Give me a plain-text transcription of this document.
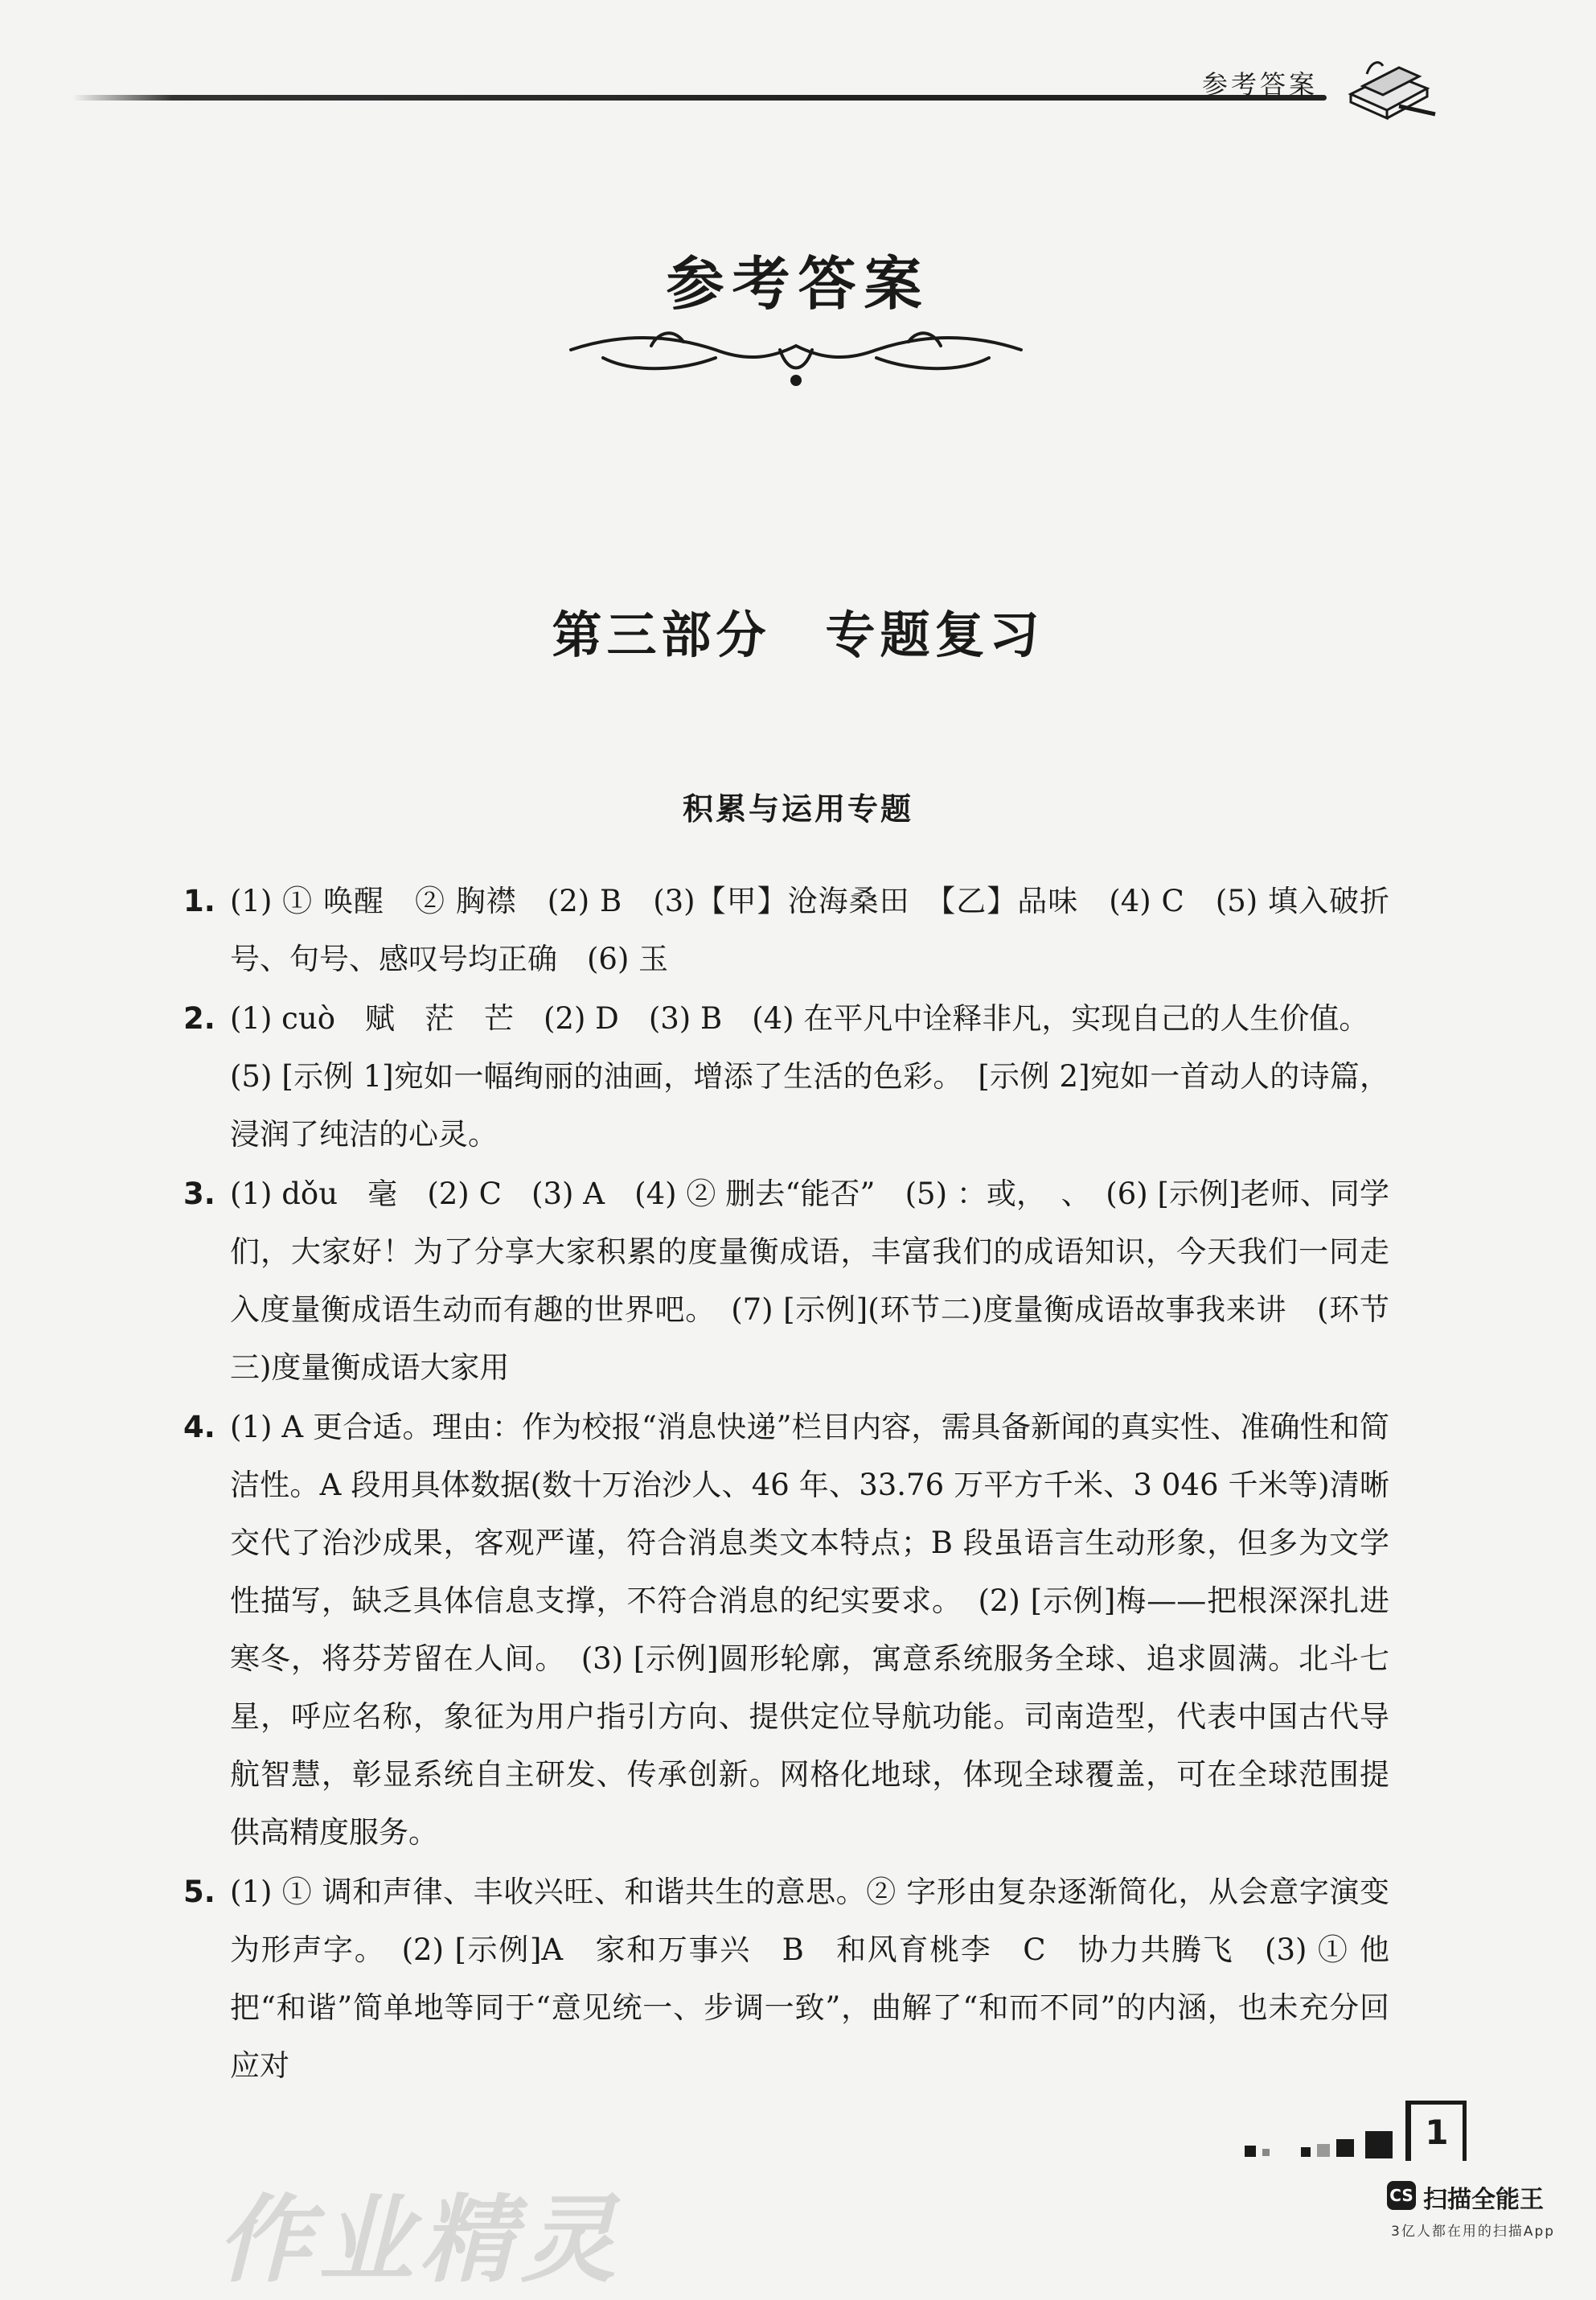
参考答案
参考答案
第三部分　专题复习
积累与运用专题
1. (1) ① 唤醒　② 胸襟　(2) B　(3)【甲】沧海桑田　【乙】品味　(4) C　(5) 填入破折号、句号、感叹号均正确　(6) 玉

2. (1) cuò　赋　茫　芒　(2) D　(3) B　(4) 在平凡中诠释非凡，实现自己的人生价值。

(5) [示例 1]宛如一幅绚丽的油画，增添了生活的色彩。　[示例 2]宛如一首动人的诗篇，浸润了纯洁的心灵。

3. (1) dǒu　毫　(2) C　(3) A　(4) ② 删去“能否”　(5) ：或，　、　(6) [示例]老师、同学们，大家好！为了分享大家积累的度量衡成语，丰富我们的成语知识，今天我们一同走入度量衡成语生动而有趣的世界吧。　(7) [示例](环节二)度量衡成语故事我来讲　(环节三)度量衡成语大家用

4. (1) A 更合适。理由：作为校报“消息快递”栏目内容，需具备新闻的真实性、准确性和简洁性。A 段用具体数据(数十万治沙人、46 年、33.76 万平方千米、3 046 千米等)清晰交代了治沙成果，客观严谨，符合消息类文本特点；B 段虽语言生动形象，但多为文学性描写，缺乏具体信息支撑，不符合消息的纪实要求。　(2) [示例]梅——把根深深扎进寒冬，将芬芳留在人间。　(3) [示例]圆形轮廓，寓意系统服务全球、追求圆满。北斗七星，呼应名称，象征为用户指引方向、提供定位导航功能。司南造型，代表中国古代导航智慧，彰显系统自主研发、传承创新。网格化地球，体现全球覆盖，可在全球范围提供高精度服务。

5. (1) ① 调和声律、丰收兴旺、和谐共生的意思。② 字形由复杂逐渐简化，从会意字演变为形声字。　(2) [示例]A　家和万事兴　B　和风育桃李　C　协力共腾飞　(3) ① 他把“和谐”简单地等同于“意见统一、步调一致”，曲解了“和而不同”的内涵，也未充分回应对

1
作业精灵	CS 扫描全能王
3亿人都在用的扫描App
